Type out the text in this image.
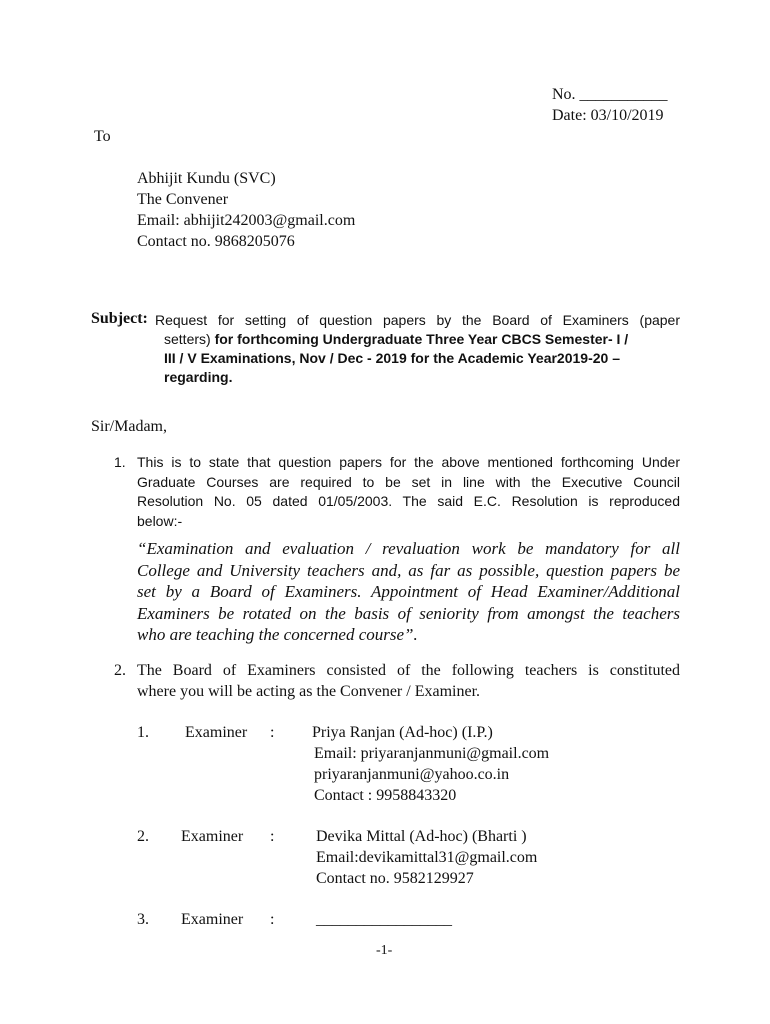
No. ___________
Date: 03/10/2019
To
Abhijit Kundu (SVC)
The Convener
Email: abhijit242003@gmail.com
Contact no. 9868205076
Subject: Request for setting of question papers by the Board of Examiners (paper
setters) for forthcoming Undergraduate Three Year CBCS Semester- I /
III / V Examinations, Nov / Dec - 2019 for the Academic Year2019-20 –
regarding.
Sir/Madam,
1. This is to state that question papers for the above mentioned forthcoming Under
Graduate Courses are required to be set in line with the Executive Council
Resolution No. 05 dated 01/05/2003. The said E.C. Resolution is reproduced
below:-
“Examination and evaluation / revaluation work be mandatory for all
College and University teachers and, as far as possible, question papers be
set by a Board of Examiners. Appointment of Head Examiner/Additional
Examiners be rotated on the basis of seniority from amongst the teachers
who are teaching the concerned course”.
2. The Board of Examiners consisted of the following teachers is constituted
where you will be acting as the Convener / Examiner.
1. Examiner : Priya Ranjan (Ad-hoc) (I.P.)
Email: priyaranjanmuni@gmail.com
priyaranjanmuni@yahoo.co.in
Contact : 9958843320
2. Examiner :	Devika Mittal (Ad-hoc) (Bharti )
Email:devikamittal31@gmail.com
Contact no. 9582129927
3. Examiner :	_________________
-1-
